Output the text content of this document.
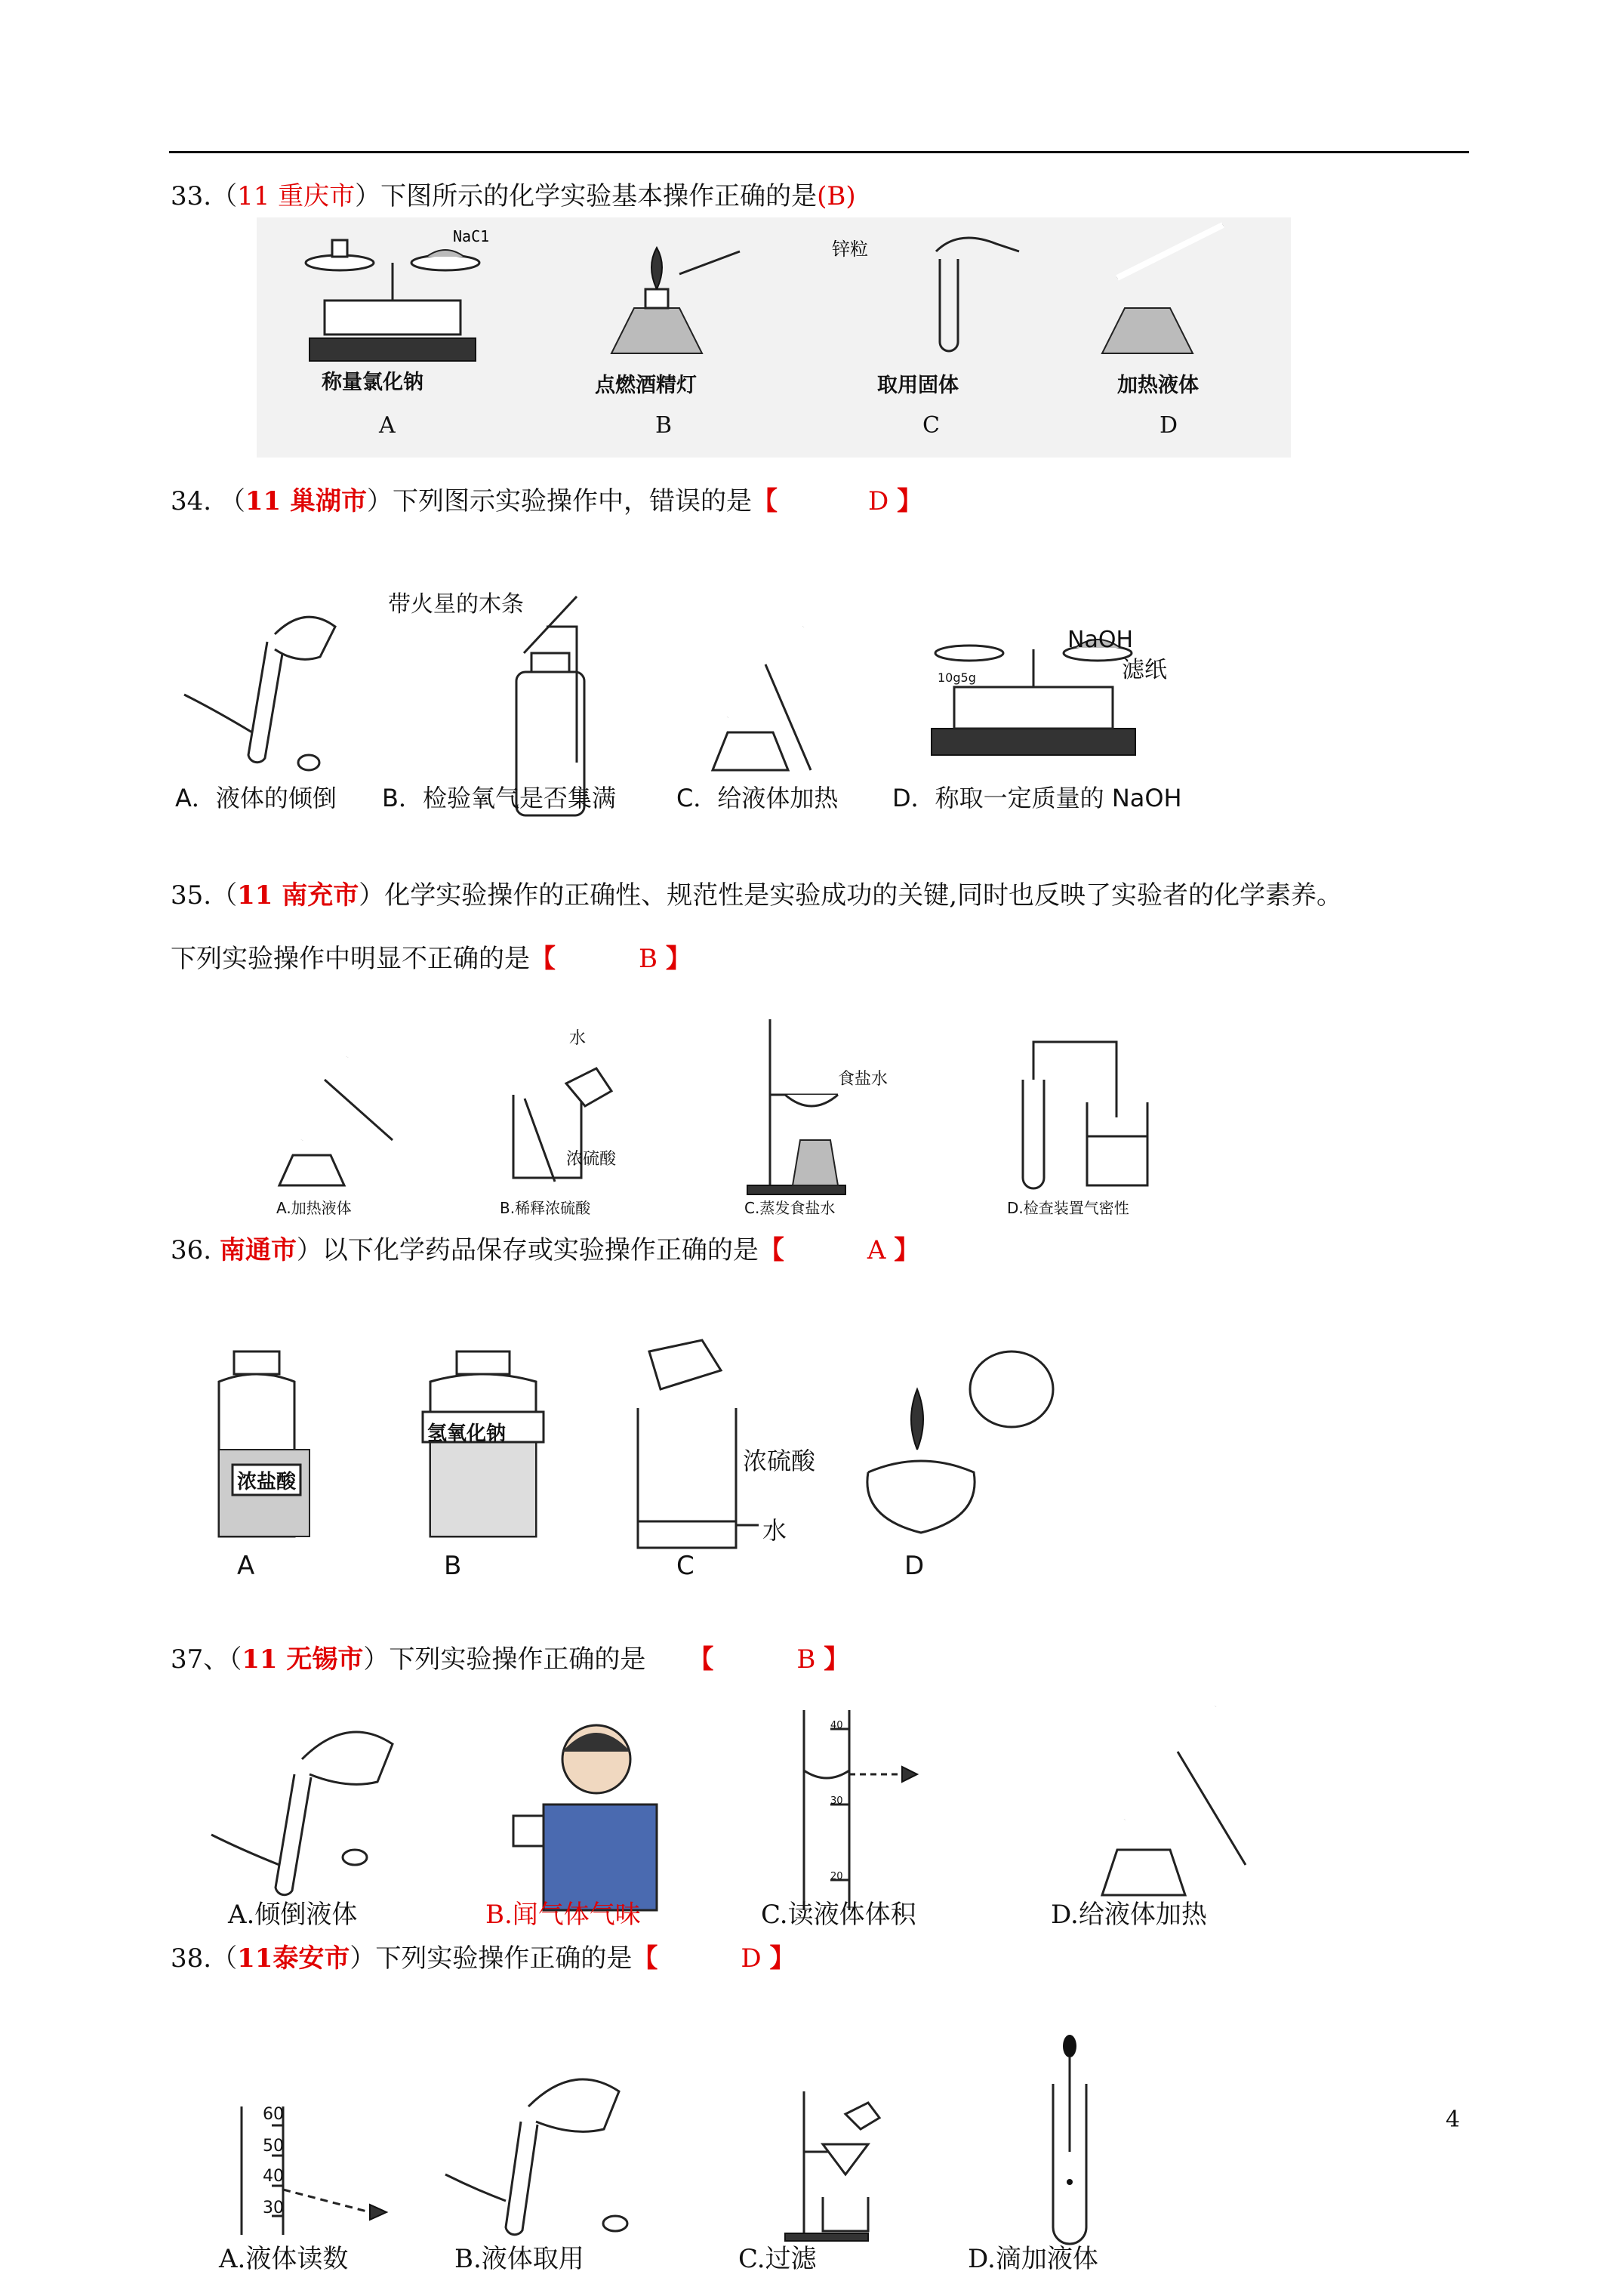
33.（11 重庆市）下图所示的化学实验基本操作正确的是(B)
NaC1
锌粒
称量氯化钠	点燃酒精灯	取用固体	加热液体
A	B	C	D
34. （11 巢湖市）下列图示实验操作中，错误的是【	D 】
带火星的木条
10g5g
NaOH
滤纸
A．液体的倾倒 B．检验氧气是否集满	C．给液体加热 D．称取一定质量的 NaOH
35.（11 南充市）化学实验操作的正确性、规范性是实验成功的关键,同时也反映了实验者的化学素养。
下列实验操作中明显不正确的是【	B 】
水
浓硫酸
食盐水
A.加热液体	B.稀释浓硫酸	C.蒸发食盐水	D.检查装置气密性
36. 南通市）以下化学药品保存或实验操作正确的是【	A 】
浓盐酸
氢氧化钠
浓硫酸
水
A	B	C	D
37、（11 无锡市）下列实验操作正确的是 【	B 】
40
30
20
A.倾倒液体	B.闻气体气味	C.读液体体积	D.给液体加热
38.（11泰安市）下列实验操作正确的是【	D 】
60
50
40
30
A.液体读数	B.液体取用	C.过滤	D.滴加液体
4
